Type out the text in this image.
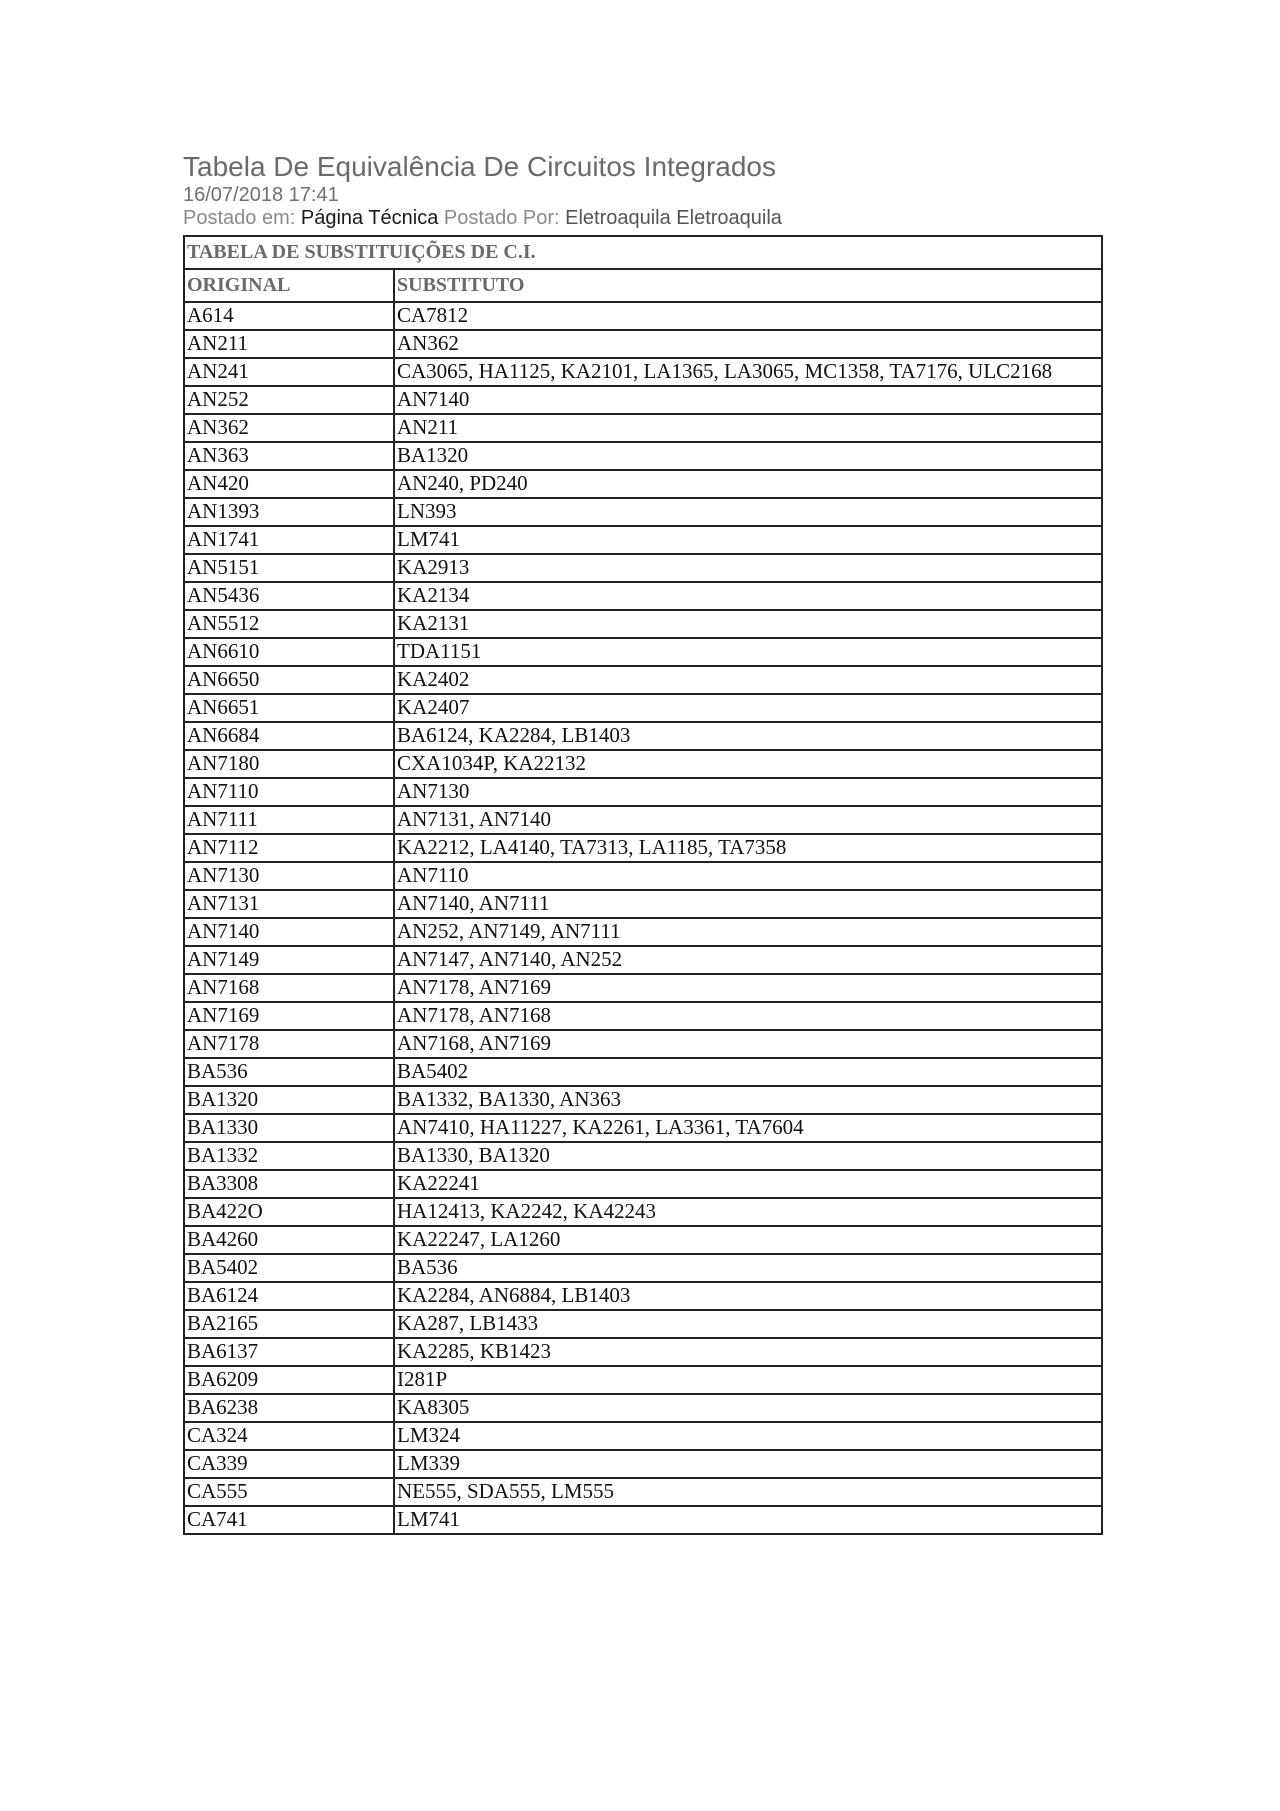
Tabela De Equivalência De Circuitos Integrados
16/07/2018 17:41
Postado em: Página Técnica Postado Por: Eletroaquila Eletroaquila
TABELA DE SUBSTITUIÇÕES DE C.I.	
ORIGINAL	SUBSTITUTO
A614	CA7812
AN211	AN362
AN241	CA3065, HA1125, KA2101, LA1365, LA3065, MC1358, TA7176, ULC2168
AN252	AN7140
AN362	AN211
AN363	BA1320
AN420	AN240, PD240
AN1393	LN393
AN1741	LM741
AN5151	KA2913
AN5436	KA2134
AN5512	KA2131
AN6610	TDA1151
AN6650	KA2402
AN6651	KA2407
AN6684	BA6124, KA2284, LB1403
AN7180	CXA1034P, KA22132
AN7110	AN7130
AN7111	AN7131, AN7140
AN7112	KA2212, LA4140, TA7313, LA1185, TA7358
AN7130	AN7110
AN7131	AN7140, AN7111
AN7140	AN252, AN7149, AN7111
AN7149	AN7147, AN7140, AN252
AN7168	AN7178, AN7169
AN7169	AN7178, AN7168
AN7178	AN7168, AN7169
BA536	BA5402
BA1320	BA1332, BA1330, AN363
BA1330	AN7410, HA11227, KA2261, LA3361, TA7604
BA1332	BA1330, BA1320
BA3308	KA22241
BA422O	HA12413, KA2242, KA42243
BA4260	KA22247, LA1260
BA5402	BA536
BA6124	KA2284, AN6884, LB1403
BA2165	KA287, LB1433
BA6137	KA2285, KB1423
BA6209	I281P
BA6238	KA8305
CA324	LM324
CA339	LM339
CA555	NE555, SDA555, LM555
CA741	LM741
